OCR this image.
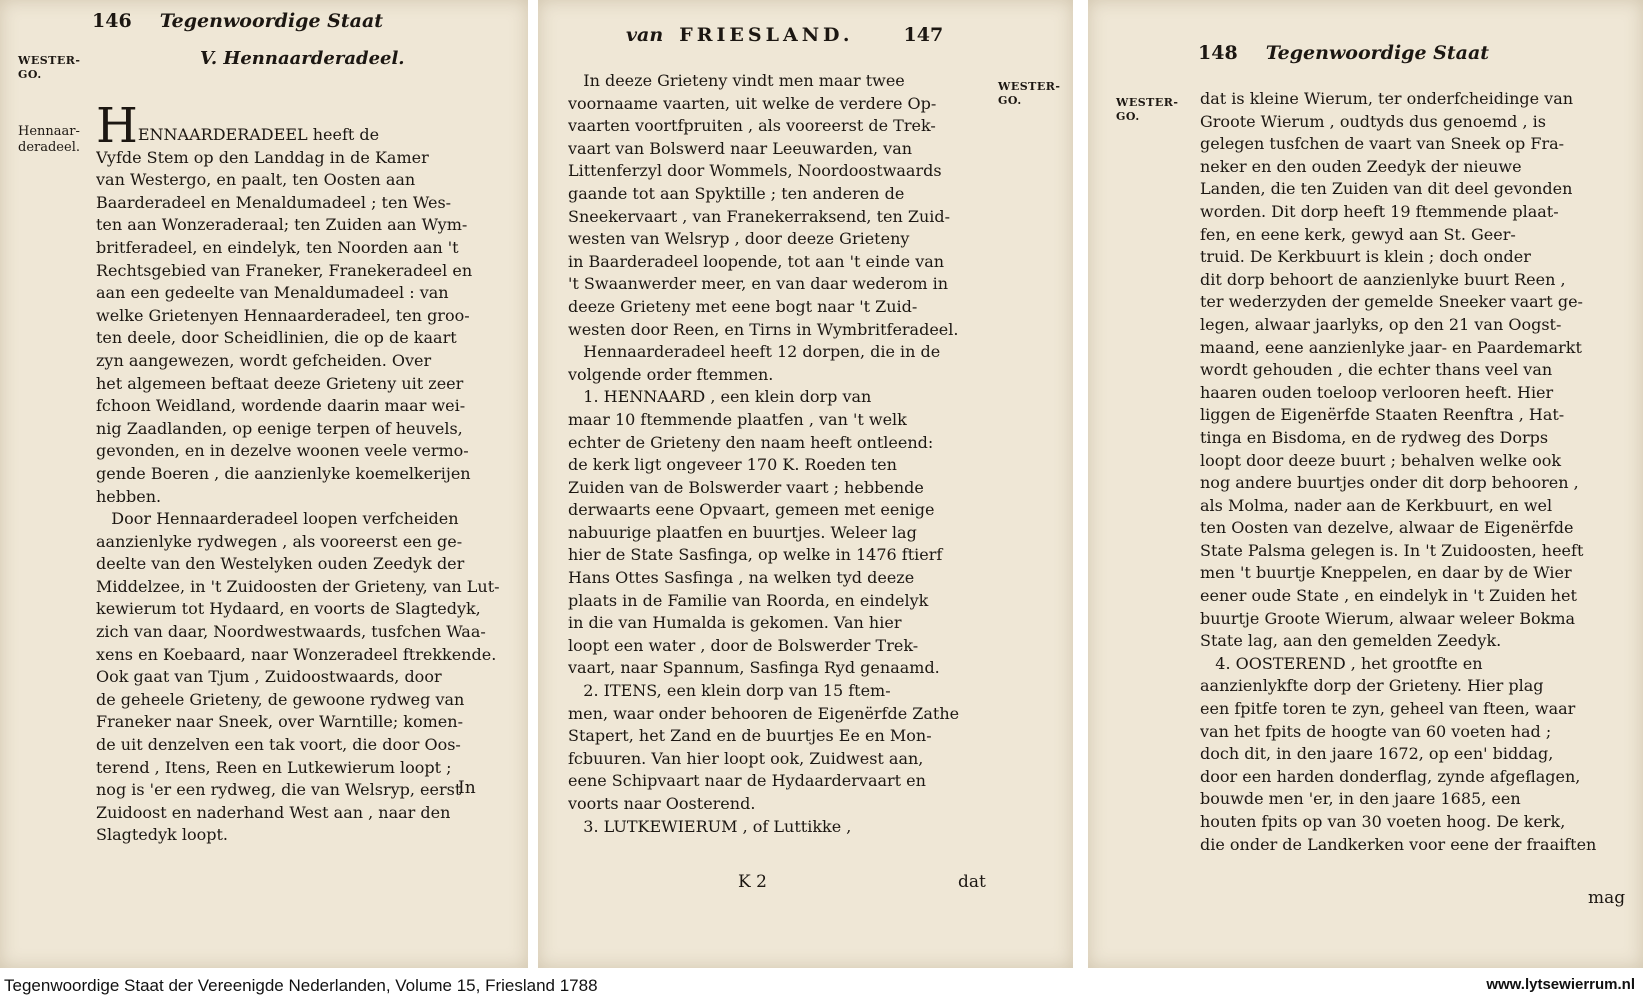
146 Tegenwoordige Staat
WESTER-
GO.
V. Hennaarderadeel.
Hennaar-
deradeel. HENNAARDERADEEL heeft de
Vyfde Stem op den Landdag in de Kamer
van Westergo, en paalt, ten Oosten aan
Baarderadeel en Menaldumadeel ; ten Wes-
ten aan Wonzeraderaal; ten Zuiden aan Wym-
britferadeel, en eindelyk, ten Noorden aan 't
Rechtsgebied van Franeker, Franekeradeel en
aan een gedeelte van Menaldumadeel : van
welke Grietenyen Hennaarderadeel, ten groo-
ten deele, door Scheidlinien, die op de kaart
zyn aangewezen, wordt gefcheiden. Over
het algemeen beftaat deeze Grieteny uit zeer
fchoon Weidland, wordende daarin maar wei-
nig Zaadlanden, op eenige terpen of heuvels,
gevonden, en in dezelve woonen veele vermo-
gende Boeren , die aanzienlyke koemelkerijen
hebben.
Door Hennaarderadeel loopen verfcheiden
aanzienlyke rydwegen , als vooreerst een ge-
deelte van den Westelyken ouden Zeedyk der
Middelzee, in 't Zuidoosten der Grieteny, van Lut-
kewierum tot Hydaard, en voorts de Slagtedyk,
zich van daar, Noordwestwaards, tusfchen Waa-
xens en Koebaard, naar Wonzeradeel ftrekkende.
Ook gaat van Tjum , Zuidoostwaards, door
de geheele Grieteny, de gewoone rydweg van
Franeker naar Sneek, over Warntille; komen-
de uit denzelven een tak voort, die door Oos-
terend , Itens, Reen en Lutkewierum loopt ;
nog is 'er een rydweg, die van Welsryp, eerst
Zuidoost en naderhand West aan , naar den
Slagtedyk loopt.
In
van FRIESLAND.	147
WESTER-
GO.
In deeze Grieteny vindt men maar twee
voornaame vaarten, uit welke de verdere Op-
vaarten voortfpruiten , als vooreerst de Trek-
vaart van Bolswerd naar Leeuwarden, van
Littenferzyl door Wommels, Noordoostwaards
gaande tot aan Spyktille ; ten anderen de
Sneekervaart , van Franekerraksend, ten Zuid-
westen van Welsryp , door deeze Grieteny
in Baarderadeel loopende, tot aan 't einde van
't Swaanwerder meer, en van daar wederom in
deeze Grieteny met eene bogt naar 't Zuid-
westen door Reen, en Tirns in Wymbritferadeel.
Hennaarderadeel heeft 12 dorpen, die in de
volgende order ftemmen.
1. HENNAARD , een klein dorp van
maar 10 ftemmende plaatfen , van 't welk
echter de Grieteny den naam heeft ontleend:
de kerk ligt ongeveer 170 K. Roeden ten
Zuiden van de Bolswerder vaart ; hebbende
derwaarts eene Opvaart, gemeen met eenige
nabuurige plaatfen en buurtjes. Weleer lag
hier de State Sasfinga, op welke in 1476 ftierf
Hans Ottes Sasfinga , na welken tyd deeze
plaats in de Familie van Roorda, en eindelyk
in die van Humalda is gekomen. Van hier
loopt een water , door de Bolswerder Trek-
vaart, naar Spannum, Sasfinga Ryd genaamd.
2. ITENS, een klein dorp van 15 ftem-
men, waar onder behooren de Eigenërfde Zathe
Stapert, het Zand en de buurtjes Ee en Mon-
fcbuuren. Van hier loopt ook, Zuidwest aan,
eene Schipvaart naar de Hydaardervaart en
voorts naar Oosterend.
3. LUTKEWIERUM , of Luttikke ,
K 2	dat
148 Tegenwoordige Staat
WESTER-
GO.
dat is kleine Wierum, ter onderfcheidinge van
Groote Wierum , oudtyds dus genoemd , is
gelegen tusfchen de vaart van Sneek op Fra-
neker en den ouden Zeedyk der nieuwe
Landen, die ten Zuiden van dit deel gevonden
worden. Dit dorp heeft 19 ftemmende plaat-
fen, en eene kerk, gewyd aan St. Geer-
truid. De Kerkbuurt is klein ; doch onder
dit dorp behoort de aanzienlyke buurt Reen ,
ter wederzyden der gemelde Sneeker vaart ge-
legen, alwaar jaarlyks, op den 21 van Oogst-
maand, eene aanzienlyke jaar- en Paardemarkt
wordt gehouden , die echter thans veel van
haaren ouden toeloop verlooren heeft. Hier
liggen de Eigenërfde Staaten Reenftra , Hat-
tinga en Bisdoma, en de rydweg des Dorps
loopt door deeze buurt ; behalven welke ook
nog andere buurtjes onder dit dorp behooren ,
als Molma, nader aan de Kerkbuurt, en wel
ten Oosten van dezelve, alwaar de Eigenërfde
State Palsma gelegen is. In 't Zuidoosten, heeft
men 't buurtje Kneppelen, en daar by de Wier
eener oude State , en eindelyk in 't Zuiden het
buurtje Groote Wierum, alwaar weleer Bokma
State lag, aan den gemelden Zeedyk.
4. OOSTEREND , het grootfte en
aanzienlykfte dorp der Grieteny. Hier plag
een fpitfe toren te zyn, geheel van fteen, waar
van het fpits de hoogte van 60 voeten had ;
doch dit, in den jaare 1672, op een' biddag,
door een harden donderflag, zynde afgeflagen,
bouwde men 'er, in den jaare 1685, een
houten fpits op van 30 voeten hoog. De kerk,
die onder de Landkerken voor eene der fraaiften
mag
Tegenwoordige Staat der Vereenigde Nederlanden, Volume 15, Friesland 1788	www.lytsewierrum.nl
